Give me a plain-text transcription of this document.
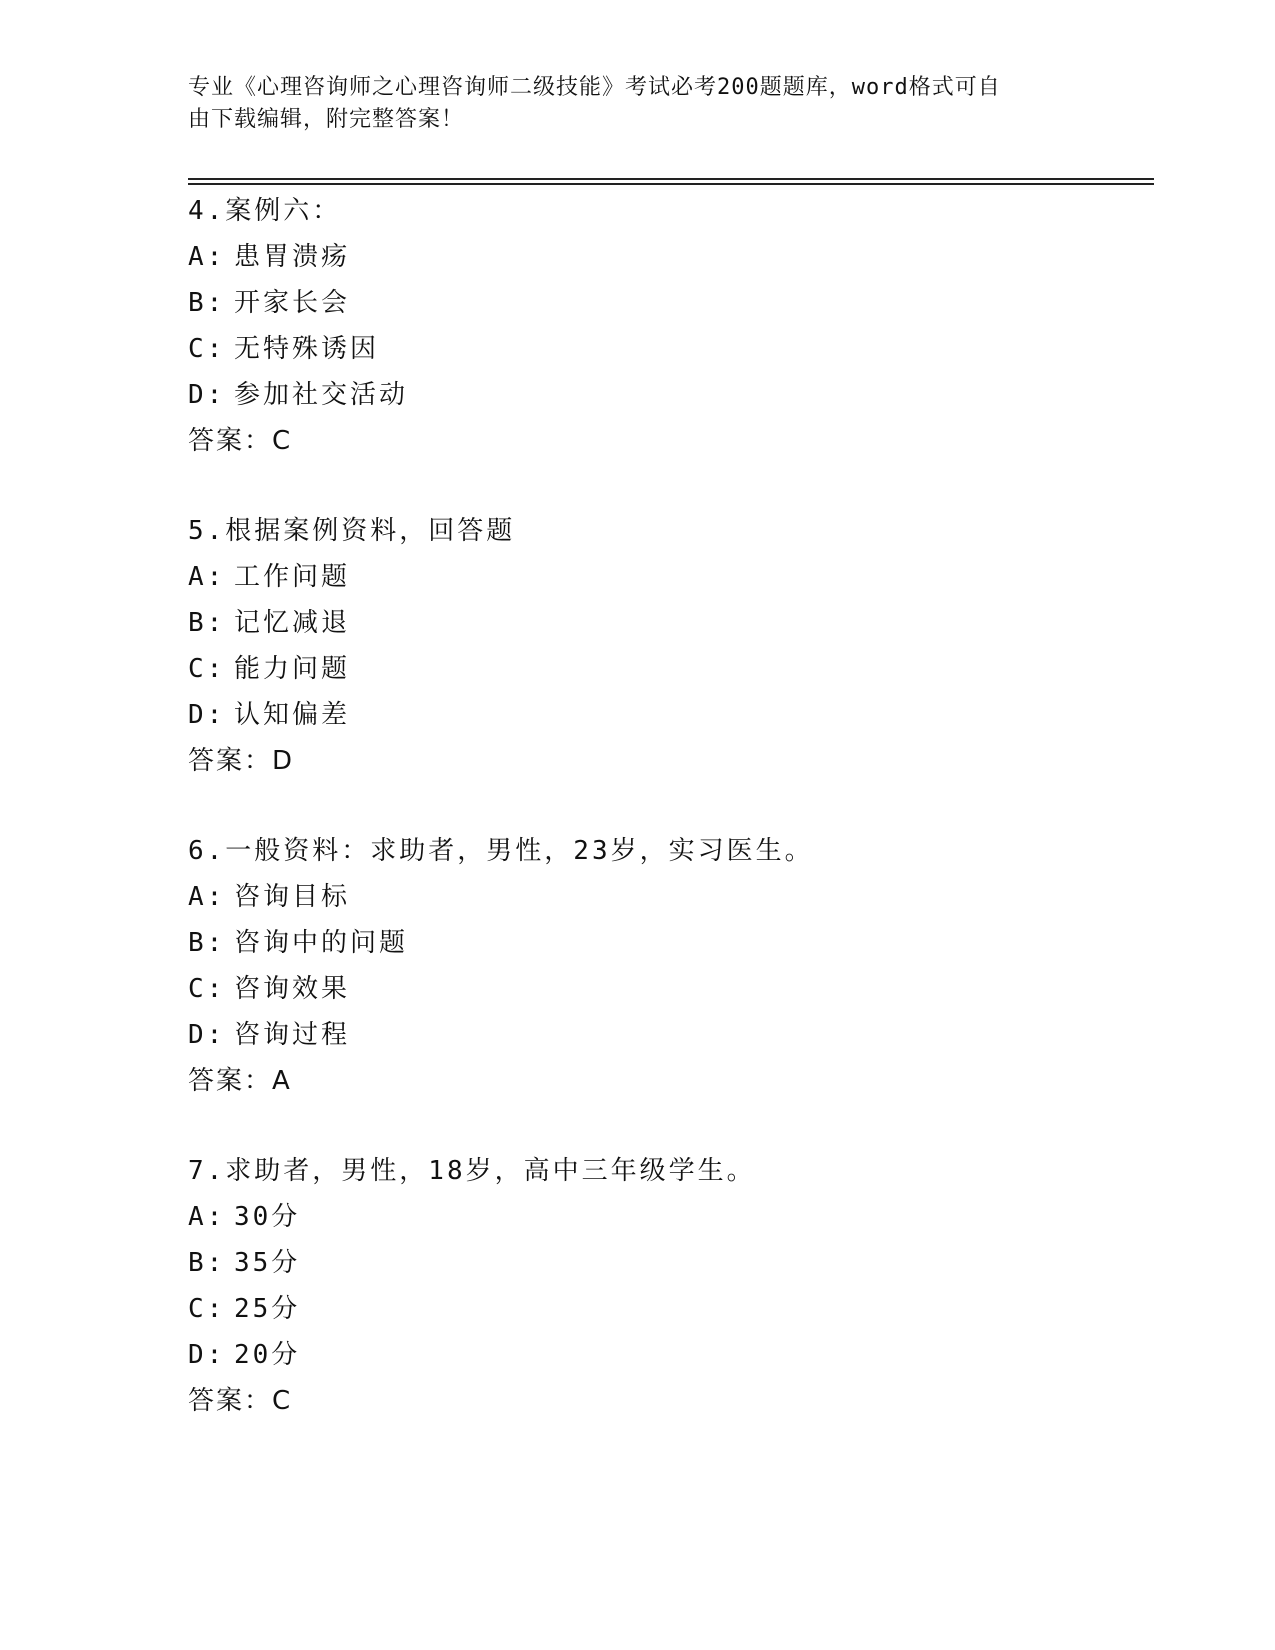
专业《心理咨询师之心理咨询师二级技能》考试必考200题题库，word格式可自
由下载编辑，附完整答案！
4.案例六：
A: 患胃溃疡
B: 开家长会
C: 无特殊诱因
D: 参加社交活动
答案：C
5.根据案例资料，回答题
A: 工作问题
B: 记忆减退
C: 能力问题
D: 认知偏差
答案：D
6.一般资料：求助者，男性，23岁，实习医生。
A: 咨询目标
B: 咨询中的问题
C: 咨询效果
D: 咨询过程
答案：A
7.求助者，男性，18岁，高中三年级学生。
A: 30分
B: 35分
C: 25分
D: 20分
答案：C
